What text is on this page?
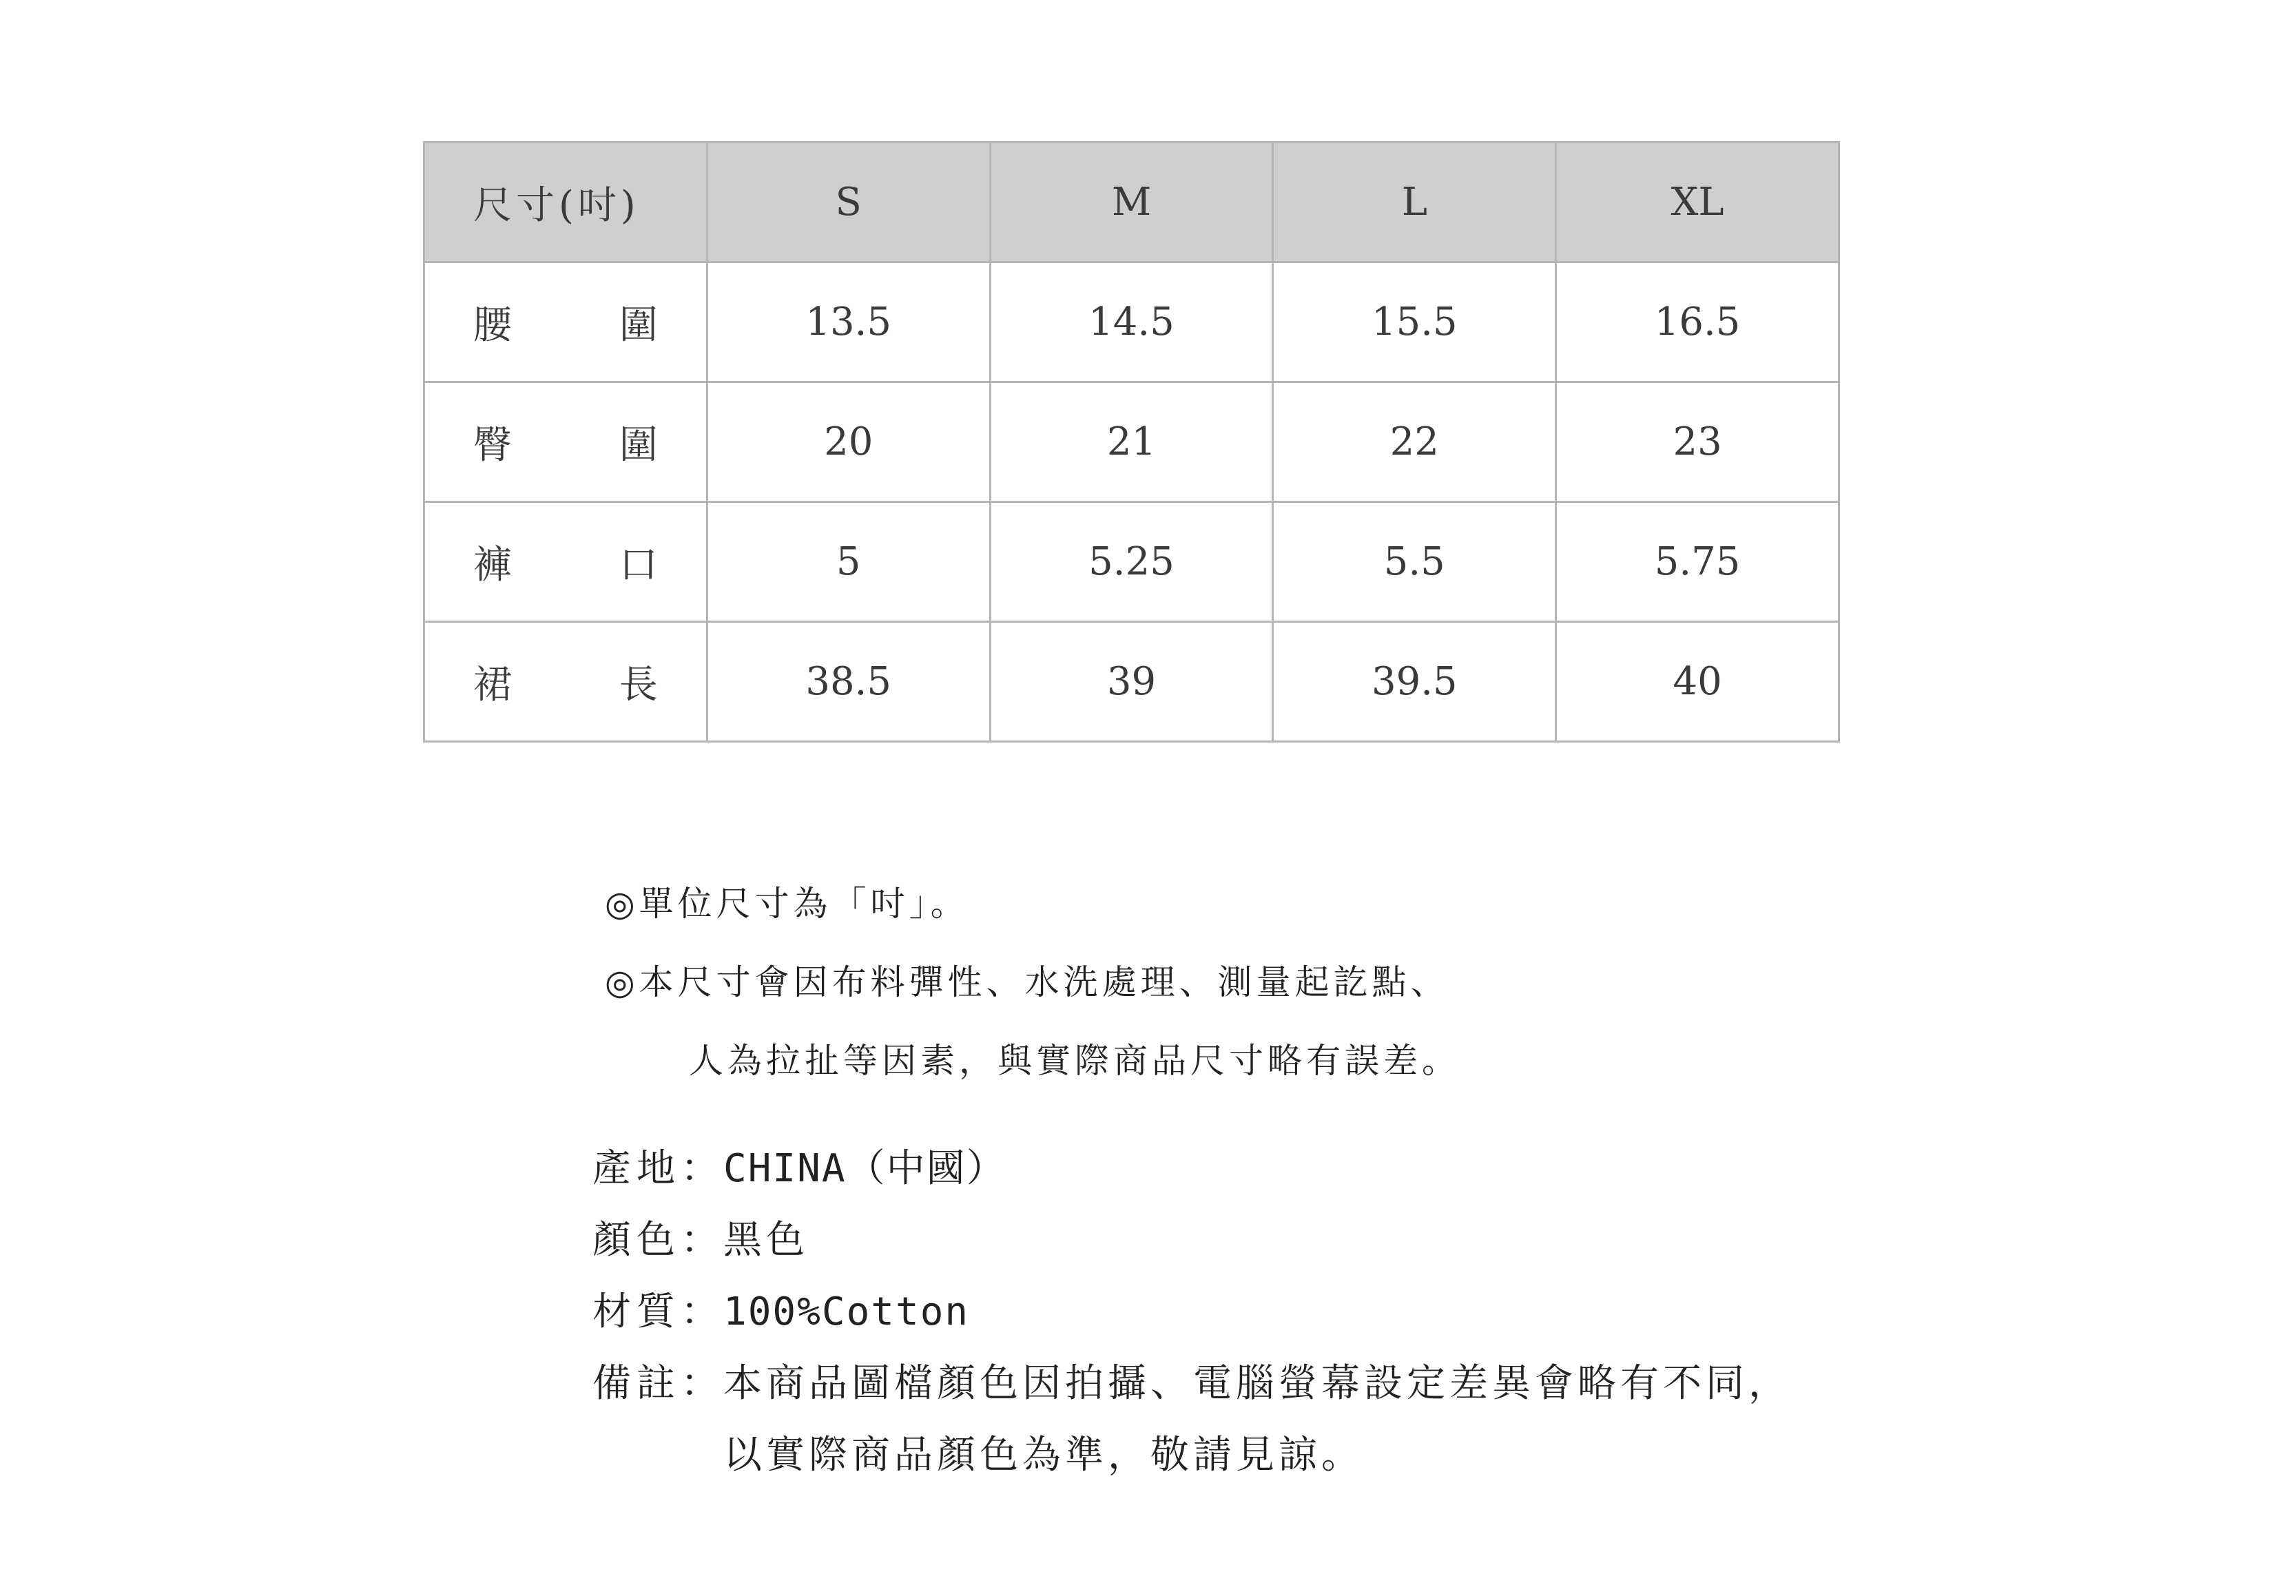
尺寸(吋)	S	M	L	XL

腰 圍	13.5	14.5	15.5	16.5

臀 圍	20	21	22	23

褲 口	5	5.25	5.5	5.75

裙 長	38.5	39	39.5	40
◎單位尺寸為「吋」。
◎本尺寸會因布料彈性、水洗處理、測量起訖點、
人為拉扯等因素，與實際商品尺寸略有誤差。
產地：
CHINA（中國）
顏色：
黑色
材質：
100%Cotton
備註：
本商品圖檔顏色因拍攝、電腦螢幕設定差異會略有不同，
以實際商品顏色為準，敬請見諒。
